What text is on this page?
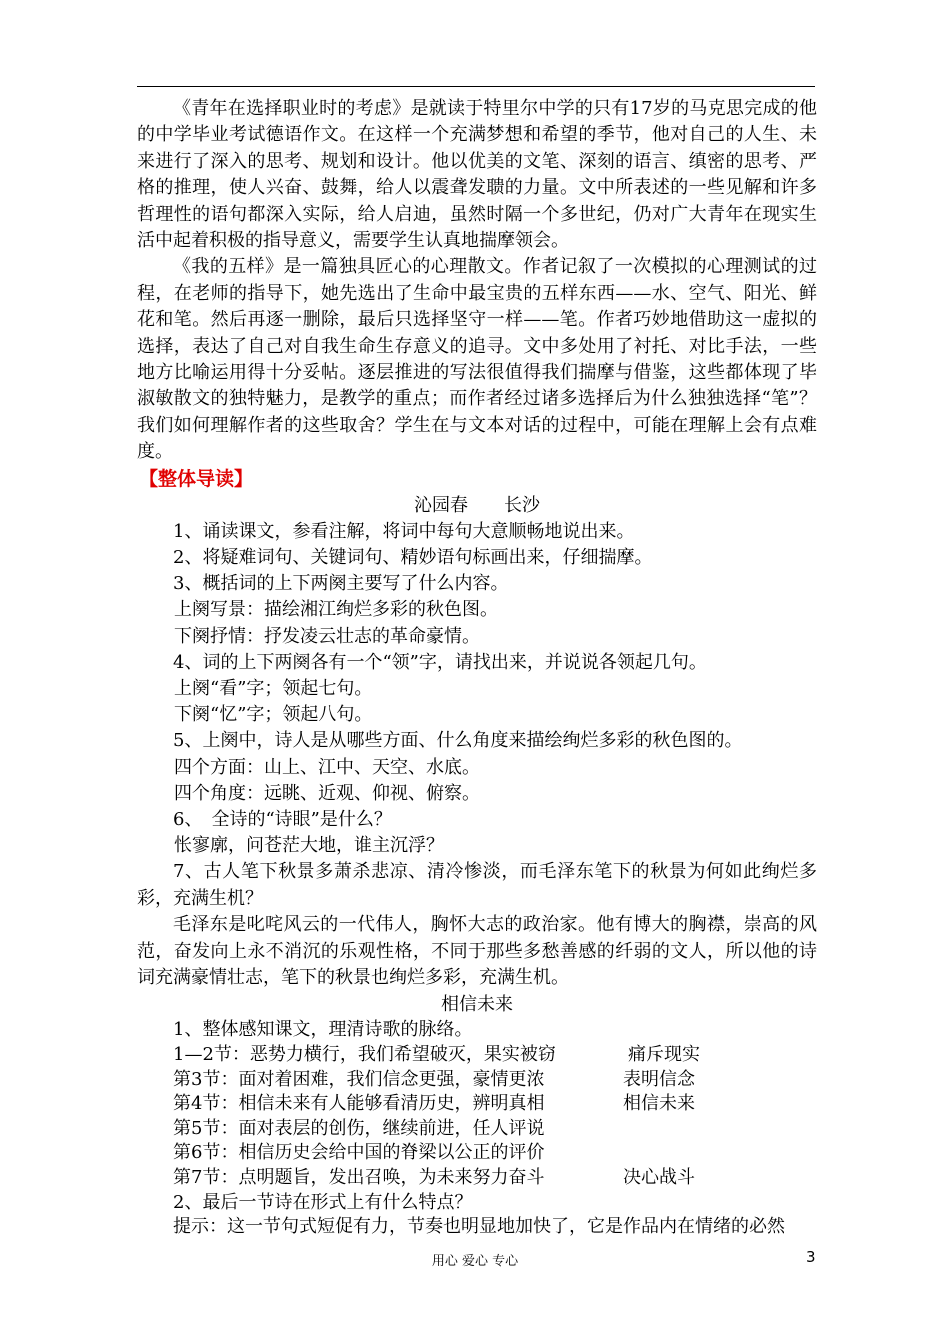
《青年在选择职业时的考虑》是就读于特里尔中学的只有17岁的马克思完成的他的中学毕业考试德语作文。在这样一个充满梦想和希望的季节，他对自己的人生、未来进行了深入的思考、规划和设计。他以优美的文笔、深刻的语言、缜密的思考、严格的推理，使人兴奋、鼓舞，给人以震聋发聩的力量。文中所表述的一些见解和许多哲理性的语句都深入实际，给人启迪，虽然时隔一个多世纪，仍对广大青年在现实生活中起着积极的指导意义，需要学生认真地揣摩领会。

《我的五样》是一篇独具匠心的心理散文。作者记叙了一次模拟的心理测试的过程，在老师的指导下，她先选出了生命中最宝贵的五样东西——水、空气、阳光、鲜花和笔。然后再逐一删除，最后只选择坚守一样——笔。作者巧妙地借助这一虚拟的选择，表达了自己对自我生命生存意义的追寻。文中多处用了衬托、对比手法，一些地方比喻运用得十分妥帖。逐层推进的写法很值得我们揣摩与借鉴，这些都体现了毕淑敏散文的独特魅力，是教学的重点；而作者经过诸多选择后为什么独独选择“笔”？我们如何理解作者的这些取舍？学生在与文本对话的过程中，可能在理解上会有点难度。

【整体导读】

沁园春　　长沙

1、诵读课文，参看注解，将词中每句大意顺畅地说出来。

2、将疑难词句、关键词句、精妙语句标画出来，仔细揣摩。

3、概括词的上下两阕主要写了什么内容。

上阕写景：描绘湘江绚烂多彩的秋色图。

下阕抒情：抒发凌云壮志的革命豪情。

4、词的上下两阕各有一个“领”字，请找出来，并说说各领起几句。

上阕“看”字；领起七句。

下阕“忆”字；领起八句。

5、上阕中，诗人是从哪些方面、什么角度来描绘绚烂多彩的秋色图的。

四个方面：山上、江中、天空、水底。

四个角度：远眺、近观、仰视、俯察。

6、　全诗的“诗眼”是什么？

怅寥廓，问苍茫大地，谁主沉浮？

7、古人笔下秋景多萧杀悲凉、清冷惨淡，而毛泽东笔下的秋景为何如此绚烂多彩，充满生机？

毛泽东是叱咤风云的一代伟人，胸怀大志的政治家。他有博大的胸襟，崇高的风范，奋发向上永不消沉的乐观性格，不同于那些多愁善感的纤弱的文人，所以他的诗词充满豪情壮志，笔下的秋景也绚烂多彩，充满生机。

相信未来

1、整体感知课文，理清诗歌的脉络。

1—2节：恶势力横行，我们希望破灭，果实被窃	痛斥现实
第3节：面对着困难，我们信念更强，豪情更浓	表明信念
第4节：相信未来有人能够看清历史，辨明真相	相信未来
第5节：面对表层的创伤，继续前进，任人评说
第6节：相信历史会给中国的脊梁以公正的评价
第7节：点明题旨，发出召唤，为未来努力奋斗	决心战斗

2、最后一节诗在形式上有什么特点？

提示：这一节句式短促有力，节奏也明显地加快了，它是作品内在情绪的必然

用心 爱心 专心	3
